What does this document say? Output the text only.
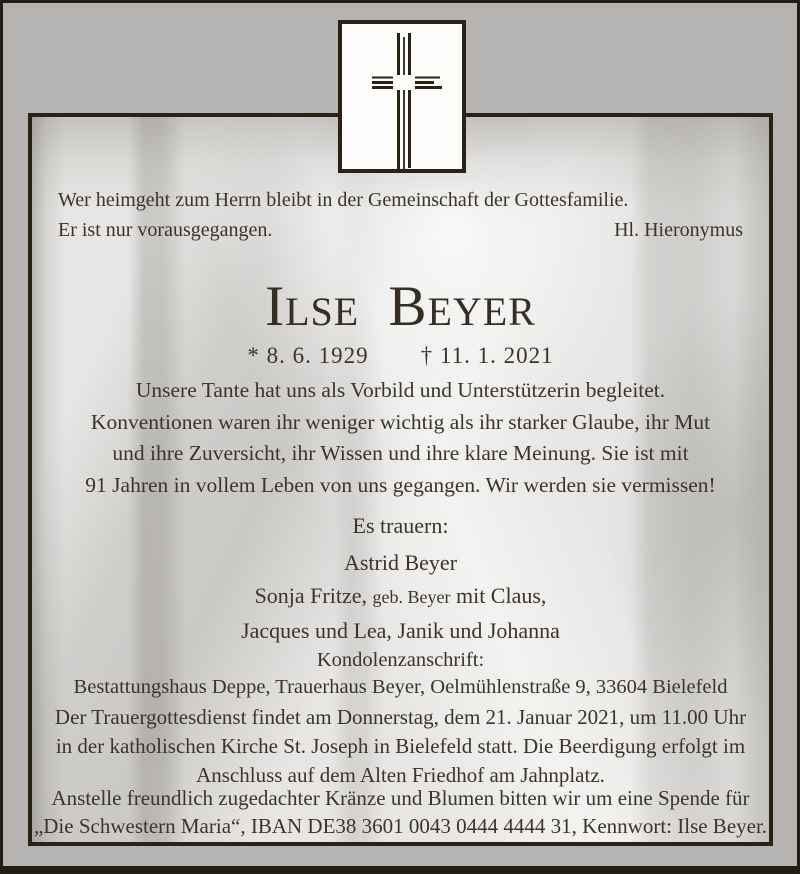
Wer heimgeht zum Herrn bleibt in der Gemeinschaft der Gottesfamilie.
Er ist nur vorausgegangen.	Hl. Hieronymus
Ilse Beyer
* 8. 6. 1929 † 11. 1. 2021
Unsere Tante hat uns als Vorbild und Unterstützerin begleitet.
Konventionen waren ihr weniger wichtig als ihr starker Glaube, ihr Mut
und ihre Zuversicht, ihr Wissen und ihre klare Meinung. Sie ist mit
91 Jahren in vollem Leben von uns gegangen. Wir werden sie vermissen!
Es trauern:
Astrid Beyer
Sonja Fritze, geb. Beyer mit Claus,
Jacques und Lea, Janik und Johanna
Kondolenzanschrift:
Bestattungshaus Deppe, Trauerhaus Beyer, Oelmühlenstraße 9, 33604 Bielefeld
Der Trauergottesdienst findet am Donnerstag, dem 21. Januar 2021, um 11.00 Uhr
in der katholischen Kirche St. Joseph in Bielefeld statt. Die Beerdigung erfolgt im
Anschluss auf dem Alten Friedhof am Jahnplatz.
Anstelle freundlich zugedachter Kränze und Blumen bitten wir um eine Spende für
„Die Schwestern Maria“, IBAN DE38 3601 0043 0444 4444 31, Kennwort: Ilse Beyer.
